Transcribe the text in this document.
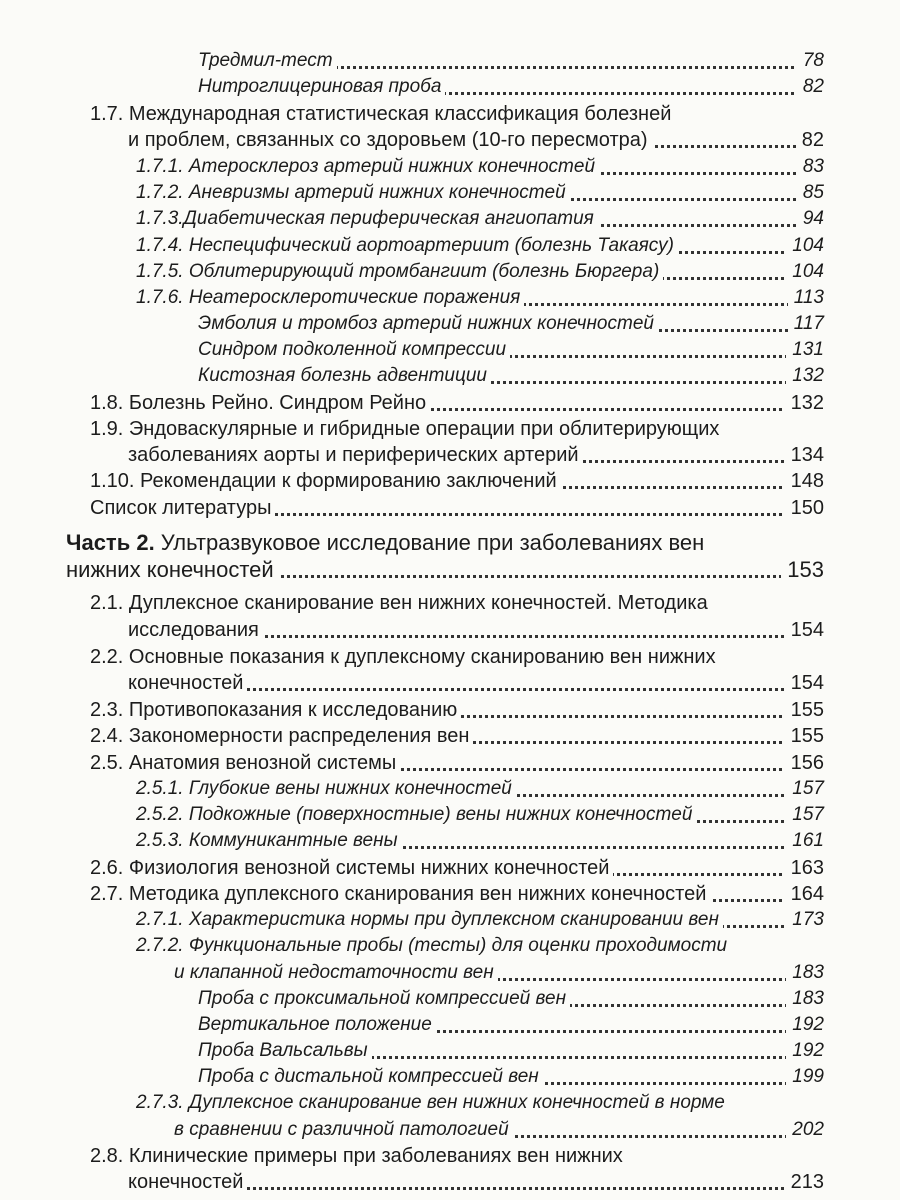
Тредмил-тест	78
Нитроглицериновая проба	82
1.7. Международная статистическая классификация болезней
и проблем, связанных со здоровьем (10-го пересмотра)	82
1.7.1. Атеросклероз артерий нижних конечностей	83
1.7.2. Аневризмы артерий нижних конечностей	85
1.7.3.Диабетическая периферическая ангиопатия	94
1.7.4. Неспецифический аортоартериит (болезнь Такаясу)	104
1.7.5. Облитерирующий тромбангиит (болезнь Бюргера)	104
1.7.6. Неатеросклеротические поражения	113
Эмболия и тромбоз артерий нижних конечностей	117
Синдром подколенной компрессии	131
Кистозная болезнь адвентиции	132
1.8. Болезнь Рейно. Синдром Рейно	132
1.9. Эндоваскулярные и гибридные операции при облитерирующих
заболеваниях аорты и периферических артерий	134
1.10. Рекомендации к формированию заключений	148
Список литературы	150
Часть 2. Ультразвуковое исследование при заболеваниях вен
нижних конечностей	153
2.1. Дуплексное сканирование вен нижних конечностей. Методика
исследования	154
2.2. Основные показания к дуплексному сканированию вен нижних
конечностей	154
2.3. Противопоказания к исследованию	155
2.4. Закономерности распределения вен	155
2.5. Анатомия венозной системы	156
2.5.1. Глубокие вены нижних конечностей	157
2.5.2. Подкожные (поверхностные) вены нижних конечностей	157
2.5.3. Коммуникантные вены	161
2.6. Физиология венозной системы нижних конечностей	163
2.7. Методика дуплексного сканирования вен нижних конечностей	164
2.7.1. Характеристика нормы при дуплексном сканировании вен	173
2.7.2. Функциональные пробы (тесты) для оценки проходимости
и клапанной недостаточности вен	183
Проба с проксимальной компрессией вен	183
Вертикальное положение	192
Проба Вальсальвы	192
Проба с дистальной компрессией вен	199
2.7.3. Дуплексное сканирование вен нижних конечностей в норме
в сравнении с различной патологией	202
2.8. Клинические примеры при заболеваниях вен нижних
конечностей	213
